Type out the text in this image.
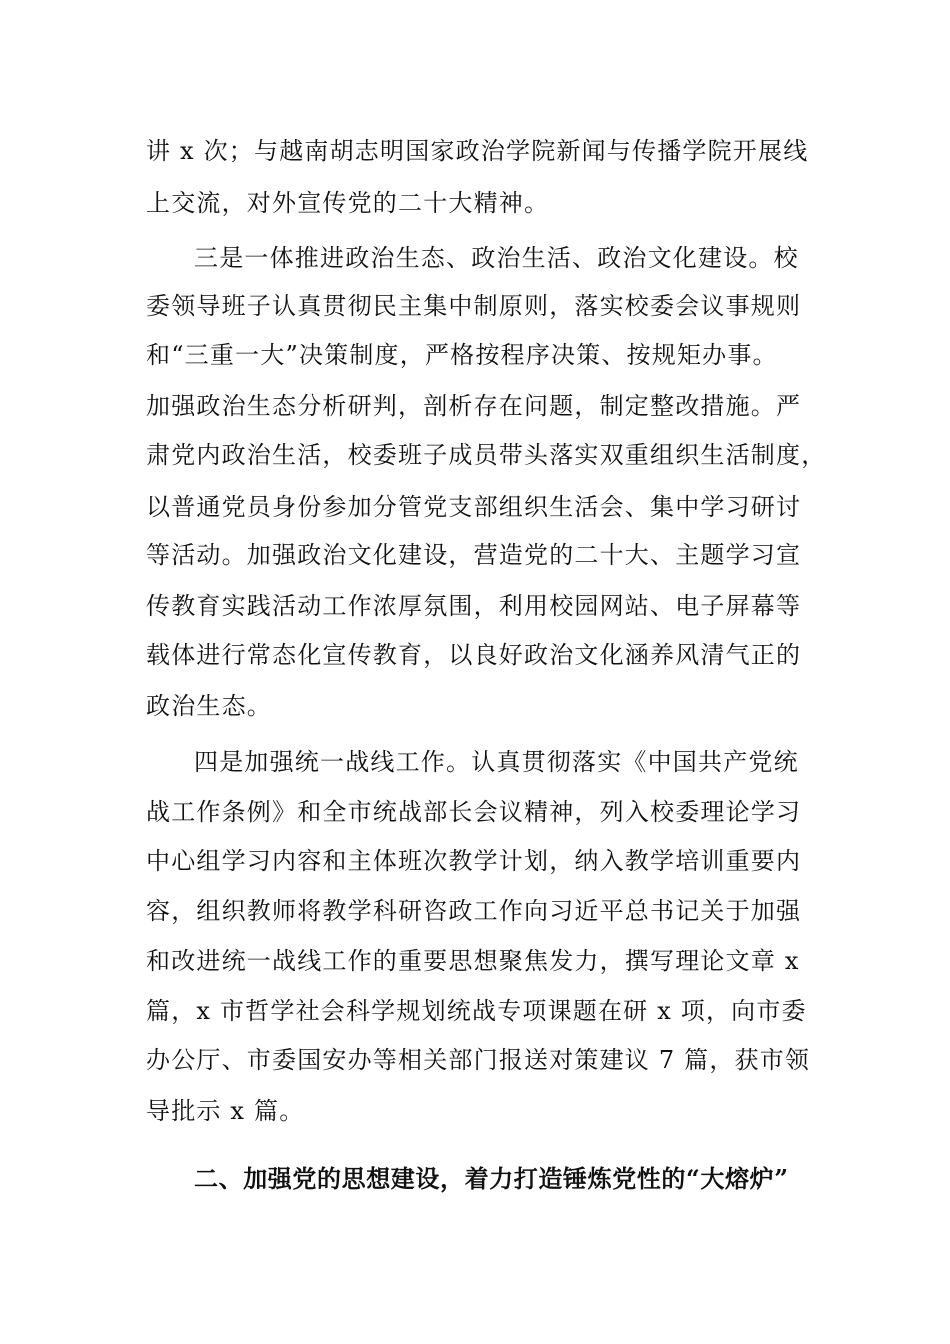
讲 x 次；与越南胡志明国家政治学院新闻与传播学院开展线
上交流，对外宣传党的二十大精神。
三是一体推进政治生态、政治生活、政治文化建设。校
委领导班子认真贯彻民主集中制原则，落实校委会议事规则
和“三重一大”决策制度，严格按程序决策、按规矩办事。
加强政治生态分析研判，剖析存在问题，制定整改措施。严
肃党内政治生活，校委班子成员带头落实双重组织生活制度，
以普通党员身份参加分管党支部组织生活会、集中学习研讨
等活动。加强政治文化建设，营造党的二十大、主题学习宣
传教育实践活动工作浓厚氛围，利用校园网站、电子屏幕等
载体进行常态化宣传教育，以良好政治文化涵养风清气正的
政治生态。
四是加强统一战线工作。认真贯彻落实《中国共产党统
战工作条例》和全市统战部长会议精神，列入校委理论学习
中心组学习内容和主体班次教学计划，纳入教学培训重要内
容，组织教师将教学科研咨政工作向习近平总书记关于加强
和改进统一战线工作的重要思想聚焦发力，撰写理论文章 x
篇，x 市哲学社会科学规划统战专项课题在研 x 项，向市委
办公厅、市委国安办等相关部门报送对策建议 7 篇，获市领
导批示 x 篇。
二、加强党的思想建设，着力打造锤炼党性的“大熔炉”
